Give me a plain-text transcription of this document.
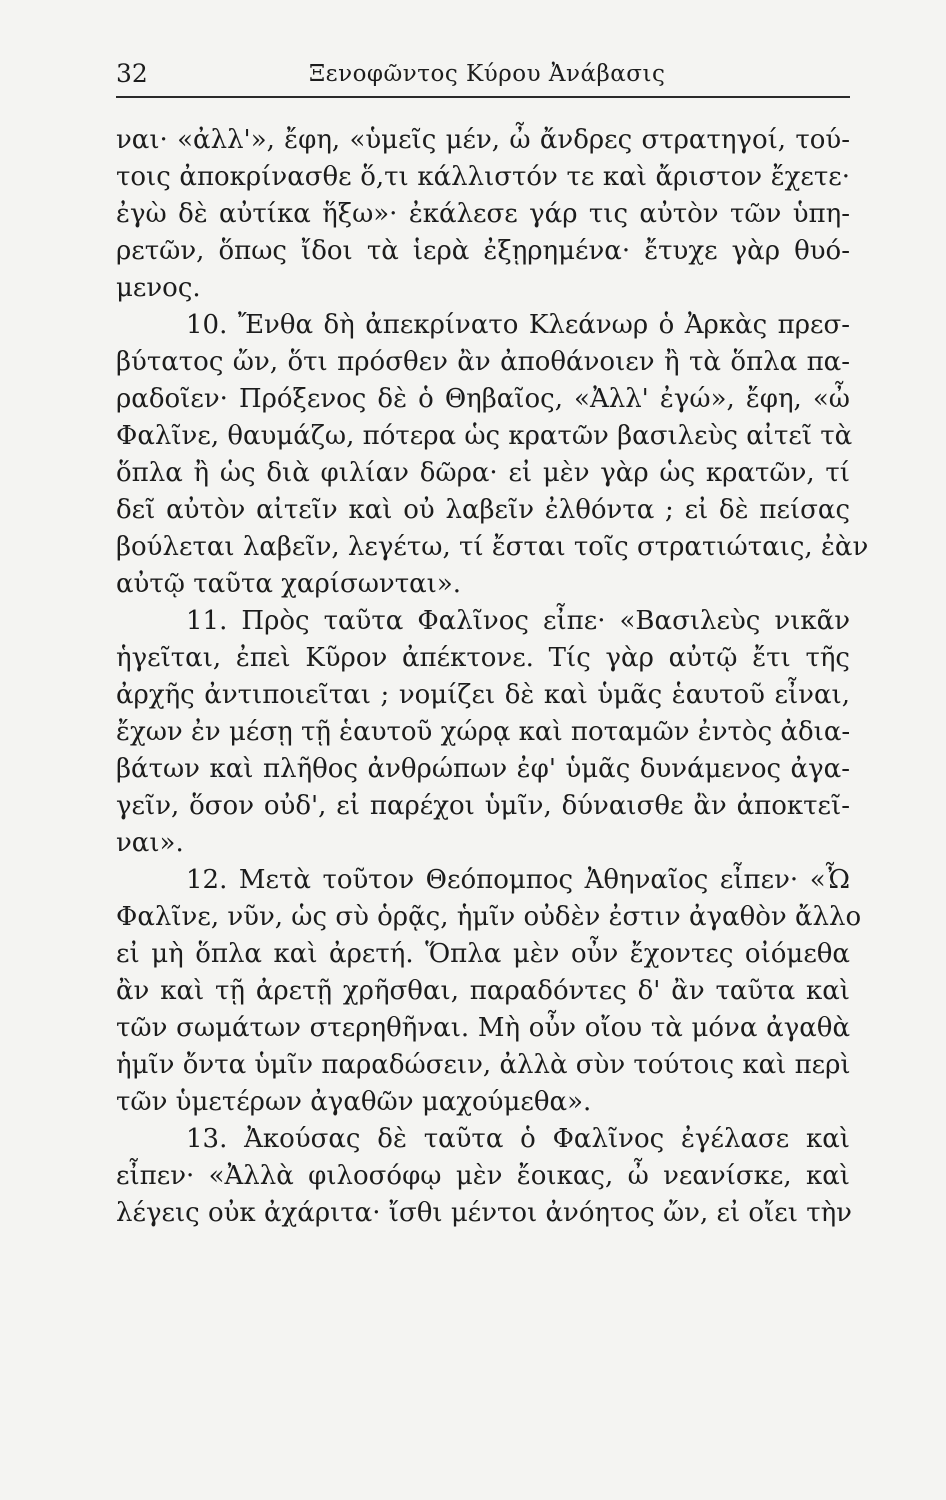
32	Ξενοφῶντος Κύρου Ἀνάβασις
ναι· «ἀλλ'», ἔφη, «ὑμεῖς μέν, ὦ ἄνδρες στρατηγοί, τού-
τοις ἀποκρίνασθε ὅ,τι κάλλιστόν τε καὶ ἄριστον ἔχετε·
ἐγὼ δὲ αὐτίκα ἥξω»· ἐκάλεσε γάρ τις αὐτὸν τῶν ὑπη-
ρετῶν, ὅπως ἴδοι τὰ ἱερὰ ἐξῃρημένα· ἔτυχε γὰρ θυό-
μενος.
10. Ἔνθα δὴ ἀπεκρίνατο Κλεάνωρ ὁ Ἀρκὰς πρεσ-
βύτατος ὤν, ὅτι πρόσθεν ἂν ἀποθάνοιεν ἢ τὰ ὅπλα πα-
ραδοῖεν· Πρόξενος δὲ ὁ Θηβαῖος, «Ἀλλ' ἐγώ», ἔφη, «ὦ
Φαλῖνε, θαυμάζω, πότερα ὡς κρατῶν βασιλεὺς αἰτεῖ τὰ
ὅπλα ἢ ὡς διὰ φιλίαν δῶρα· εἰ μὲν γὰρ ὡς κρατῶν, τί
δεῖ αὐτὸν αἰτεῖν καὶ οὐ λαβεῖν ἐλθόντα ; εἰ δὲ πείσας
βούλεται λαβεῖν, λεγέτω, τί ἔσται τοῖς στρατιώταις, ἐὰν
αὐτῷ ταῦτα χαρίσωνται».
11. Πρὸς ταῦτα Φαλῖνος εἶπε· «Βασιλεὺς νικᾶν
ἡγεῖται, ἐπεὶ Κῦρον ἀπέκτονε. Τίς γὰρ αὐτῷ ἔτι τῆς
ἀρχῆς ἀντιποιεῖται ; νομίζει δὲ καὶ ὑμᾶς ἑαυτοῦ εἶναι,
ἔχων ἐν μέσῃ τῇ ἑαυτοῦ χώρᾳ καὶ ποταμῶν ἐντὸς ἀδια-
βάτων καὶ πλῆθος ἀνθρώπων ἐφ' ὑμᾶς δυνάμενος ἀγα-
γεῖν, ὅσον οὐδ', εἰ παρέχοι ὑμῖν, δύναισθε ἂν ἀποκτεῖ-
ναι».
12. Μετὰ τοῦτον Θεόπομπος Ἀθηναῖος εἶπεν· «Ὦ
Φαλῖνε, νῦν, ὡς σὺ ὁρᾷς, ἡμῖν οὐδὲν ἐστιν ἀγαθὸν ἄλλο
εἰ μὴ ὅπλα καὶ ἀρετή. Ὅπλα μὲν οὖν ἔχοντες οἰόμεθα
ἂν καὶ τῇ ἀρετῇ χρῆσθαι, παραδόντες δ' ἂν ταῦτα καὶ
τῶν σωμάτων στερηθῆναι. Μὴ οὖν οἴου τὰ μόνα ἀγαθὰ
ἡμῖν ὄντα ὑμῖν παραδώσειν, ἀλλὰ σὺν τούτοις καὶ περὶ
τῶν ὑμετέρων ἀγαθῶν μαχούμεθα».
13. Ἀκούσας δὲ ταῦτα ὁ Φαλῖνος ἐγέλασε καὶ
εἶπεν· «Ἀλλὰ φιλοσόφῳ μὲν ἔοικας, ὦ νεανίσκε, καὶ
λέγεις οὐκ ἀχάριτα· ἴσθι μέντοι ἀνόητος ὤν, εἰ οἴει τὴν
